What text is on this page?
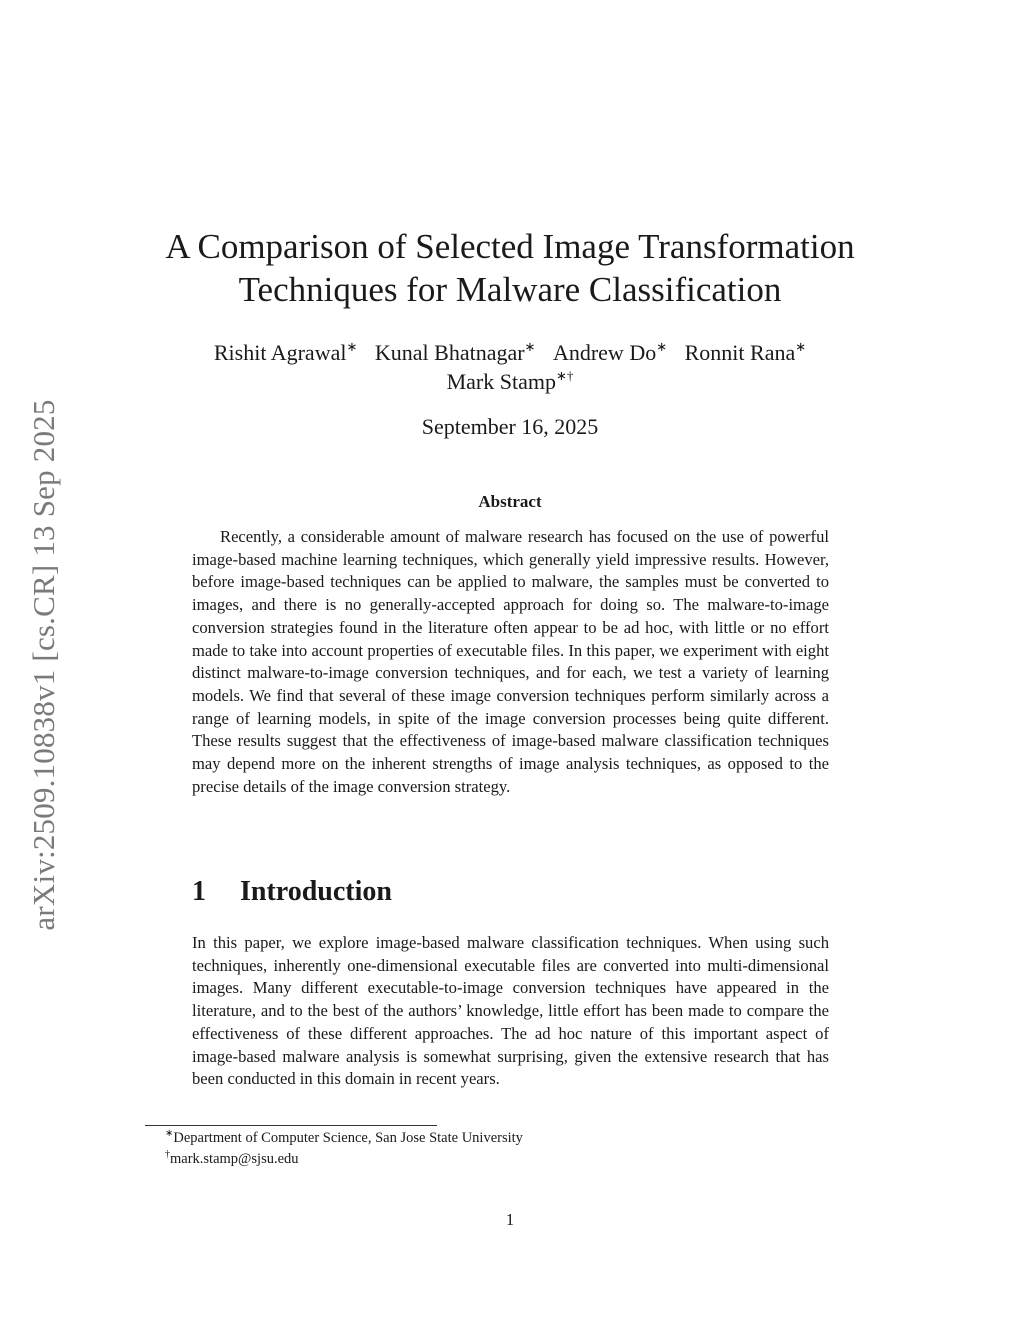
arXiv:2509.10838v1 [cs.CR] 13 Sep 2025
A Comparison of Selected Image Transformation
Techniques for Malware Classification
Rishit Agrawal∗ Kunal Bhatnagar∗ Andrew Do∗ Ronnit Rana∗
Mark Stamp∗†
September 16, 2025
Abstract

Recently, a considerable amount of malware research has focused on the use of powerful image-based machine learning techniques, which generally yield impressive results. However, before image-based techniques can be applied to malware, the samples must be converted to images, and there is no generally-accepted approach for doing so. The malware-to-image conversion strategies found in the literature often appear to be ad hoc, with little or no effort made to take into account properties of executable files. In this paper, we experiment with eight distinct malware-to-image conversion techniques, and for each, we test a variety of learning models. We find that several of these image conversion techniques perform similarly across a range of learning models, in spite of the image conversion processes being quite different. These results suggest that the effectiveness of image-based malware classification techniques may depend more on the inherent strengths of image analysis techniques, as opposed to the precise details of the image conversion strategy.

1 Introduction

In this paper, we explore image-based malware classification techniques. When using such techniques, inherently one-dimensional executable files are converted into multi-dimensional images. Many different executable-to-image conversion techniques have appeared in the literature, and to the best of the authors’ knowledge, little effort has been made to compare the effectiveness of these different approaches. The ad hoc nature of this important aspect of image-based malware analysis is somewhat surprising, given the extensive research that has been conducted in this domain in recent years.

∗Department of Computer Science, San Jose State University
†mark.stamp@sjsu.edu
1
